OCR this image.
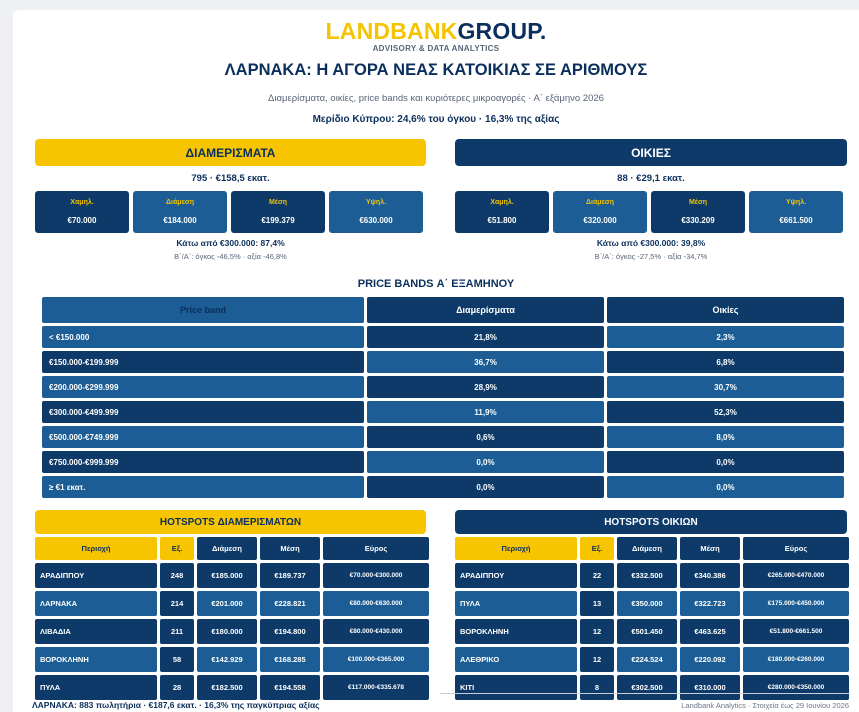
LANDBANKGROUP.
ADVISORY & DATA ANALYTICS
ΛΑΡΝΑΚΑ: Η ΑΓΟΡΑ ΝΕΑΣ ΚΑΤΟΙΚΙΑΣ ΣΕ ΑΡΙΘΜΟΥΣ
Διαμερίσματα, οικίες, price bands και κυριότερες μικροαγορές · Α΄ εξάμηνο 2026
Μερίδιο Κύπρου: 24,6% του όγκου · 16,3% της αξίας
ΔΙΑΜΕΡΙΣΜΑΤΑ
795 · €158,5 εκατ.
Χαμηλ.
€70.000
Διάμεση
€184.000
Μέση
€199.379
Υψηλ.
€630.000
Κάτω από €300.000: 87,4%
Β΄/Α΄: όγκος -46,5% · αξία -46,8%
ΟΙΚΙΕΣ
88 · €29,1 εκατ.
Χαμηλ.
€51.800
Διάμεση
€320.000
Μέση
€330.209
Υψηλ.
€661.500
Κάτω από €300.000: 39,8%
Β΄/Α΄: όγκος -27,5% · αξία -34,7%
PRICE BANDS Α΄ ΕΞΑΜΗΝΟΥ
Price band	Διαμερίσματα	Οικίες
< €150.000	21,8%	2,3%
€150.000-€199.999	36,7%	6,8%
€200.000-€299.999	28,9%	30,7%
€300.000-€499.999	11,9%	52,3%
€500.000-€749.999	0,6%	8,0%
€750.000-€999.999	0,0%	0,0%
≥ €1 εκατ.	0,0%	0,0%
HOTSPOTS ΔΙΑΜΕΡΙΣΜΑΤΩΝ
Περιοχή	Εξ.	Διάμεση	Μέση	Εύρος
ΑΡΑΔΙΠΠΟΥ	248	€185.000	€189.737	€70.000-€300.000
ΛΑΡΝΑΚΑ	214	€201.000	€228.821	€80.000-€630.000
ΛΙΒΑΔΙΑ	211	€180.000	€194.800	€80.000-€430.000
ΒΟΡΟΚΛΗΝΗ	58	€142.929	€168.285	€100.000-€365.000
ΠΥΛΑ	28	€182.500	€194.558	€117.000-€335.678
HOTSPOTS ΟΙΚΙΩΝ
Περιοχή	Εξ.	Διάμεση	Μέση	Εύρος
ΑΡΑΔΙΠΠΟΥ	22	€332.500	€340.386	€265.000-€470.000
ΠΥΛΑ	13	€350.000	€322.723	€175.000-€450.000
ΒΟΡΟΚΛΗΝΗ	12	€501.450	€463.625	€51.800-€661.500
ΑΛΕΘΡΙΚΟ	12	€224.524	€220.092	€180.000-€260.000
ΚΙΤΙ	8	€302.500	€310.000	€280.000-€350.000
ΛΑΡΝΑΚΑ: 883 πωλητήρια · €187,6 εκατ. · 16,3% της παγκύπριας αξίας	Landbank Analytics · Στοιχεία έως 29 Ιουνίου 2026
